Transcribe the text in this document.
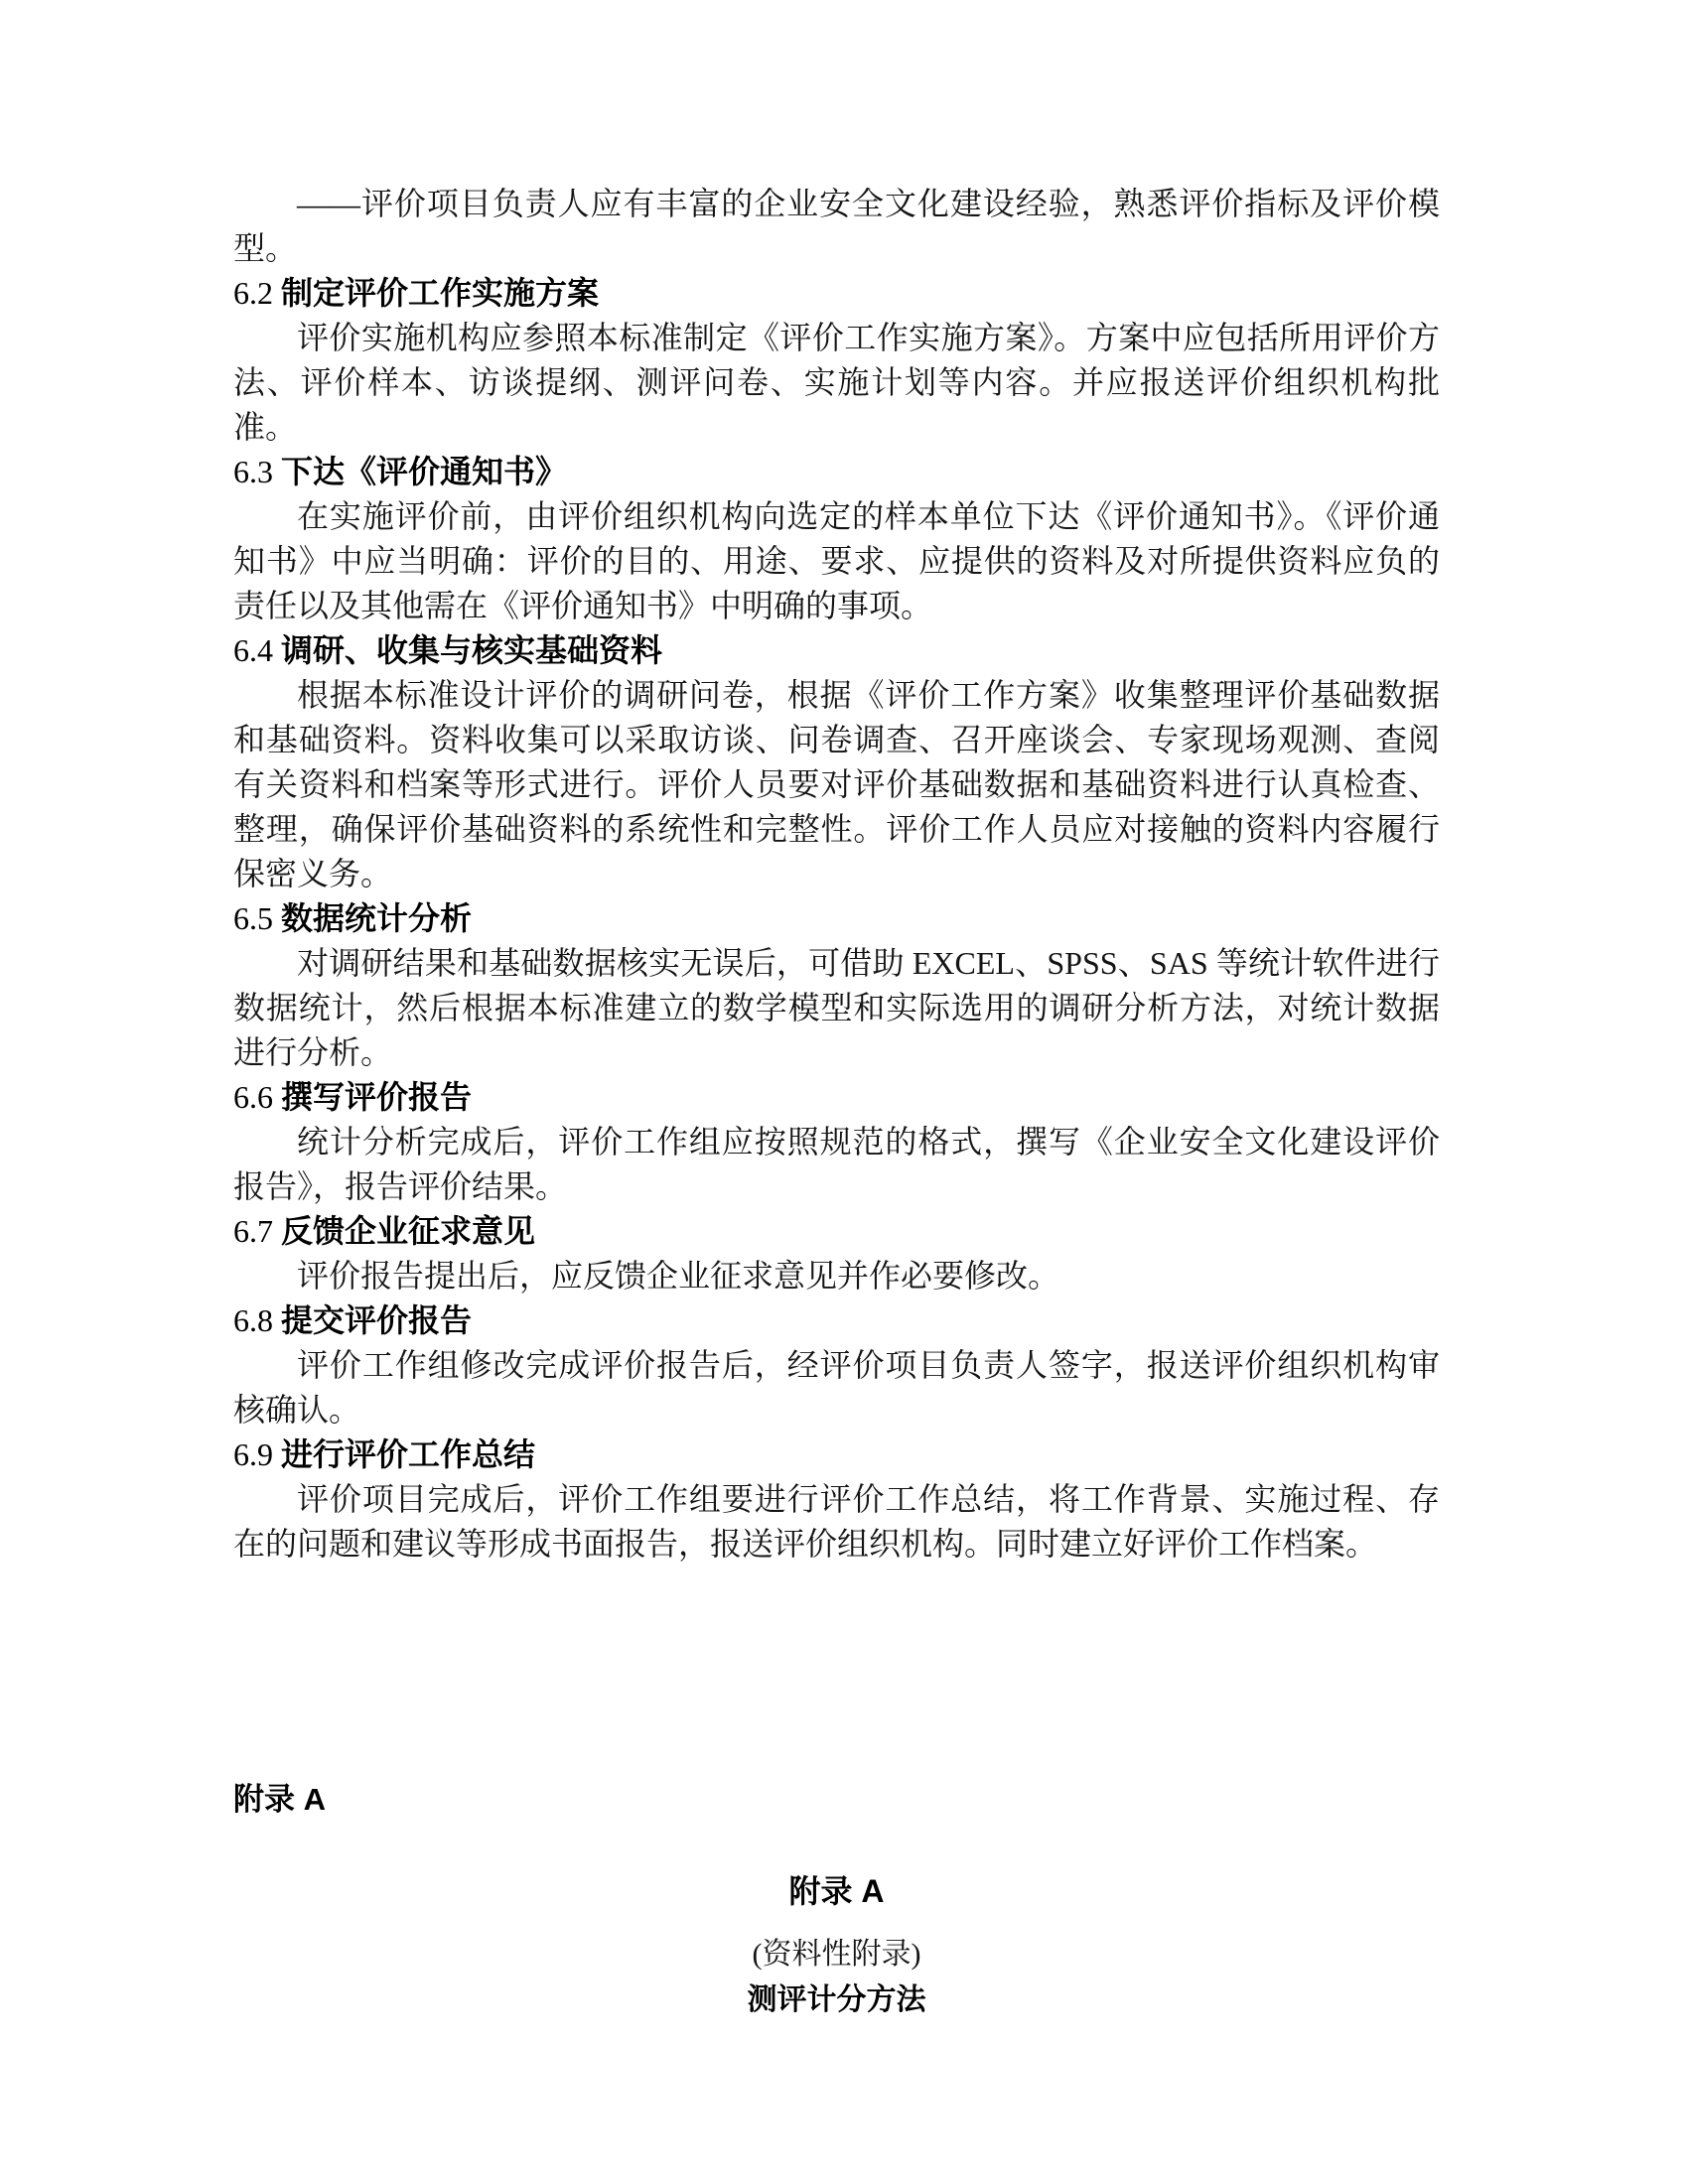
——评价项目负责人应有丰富的企业安全文化建设经验，熟悉评价指标及评价模型。

6.2 制定评价工作实施方案

评价实施机构应参照本标准制定《评价工作实施方案》。方案中应包括所用评价方法、评价样本、访谈提纲、测评问卷、实施计划等内容。并应报送评价组织机构批准。

6.3 下达《评价通知书》

在实施评价前，由评价组织机构向选定的样本单位下达《评价通知书》。《评价通知书》中应当明确：评价的目的、用途、要求、应提供的资料及对所提供资料应负的责任以及其他需在《评价通知书》中明确的事项。

6.4 调研、收集与核实基础资料

根据本标准设计评价的调研问卷，根据《评价工作方案》收集整理评价基础数据和基础资料。资料收集可以采取访谈、问卷调查、召开座谈会、专家现场观测、查阅有关资料和档案等形式进行。评价人员要对评价基础数据和基础资料进行认真检查、整理，确保评价基础资料的系统性和完整性。评价工作人员应对接触的资料内容履行保密义务。

6.5 数据统计分析

对调研结果和基础数据核实无误后，可借助 EXCEL、SPSS、SAS 等统计软件进行数据统计，然后根据本标准建立的数学模型和实际选用的调研分析方法，对统计数据进行分析。

6.6 撰写评价报告

统计分析完成后，评价工作组应按照规范的格式，撰写《企业安全文化建设评价报告》，报告评价结果。

6.7 反馈企业征求意见

评价报告提出后，应反馈企业征求意见并作必要修改。

6.8 提交评价报告

评价工作组修改完成评价报告后，经评价项目负责人签字，报送评价组织机构审核确认。

6.9 进行评价工作总结

评价项目完成后，评价工作组要进行评价工作总结，将工作背景、实施过程、存在的问题和建议等形成书面报告，报送评价组织机构。同时建立好评价工作档案。

附录 A
附录 A
(资料性附录)
测评计分方法
